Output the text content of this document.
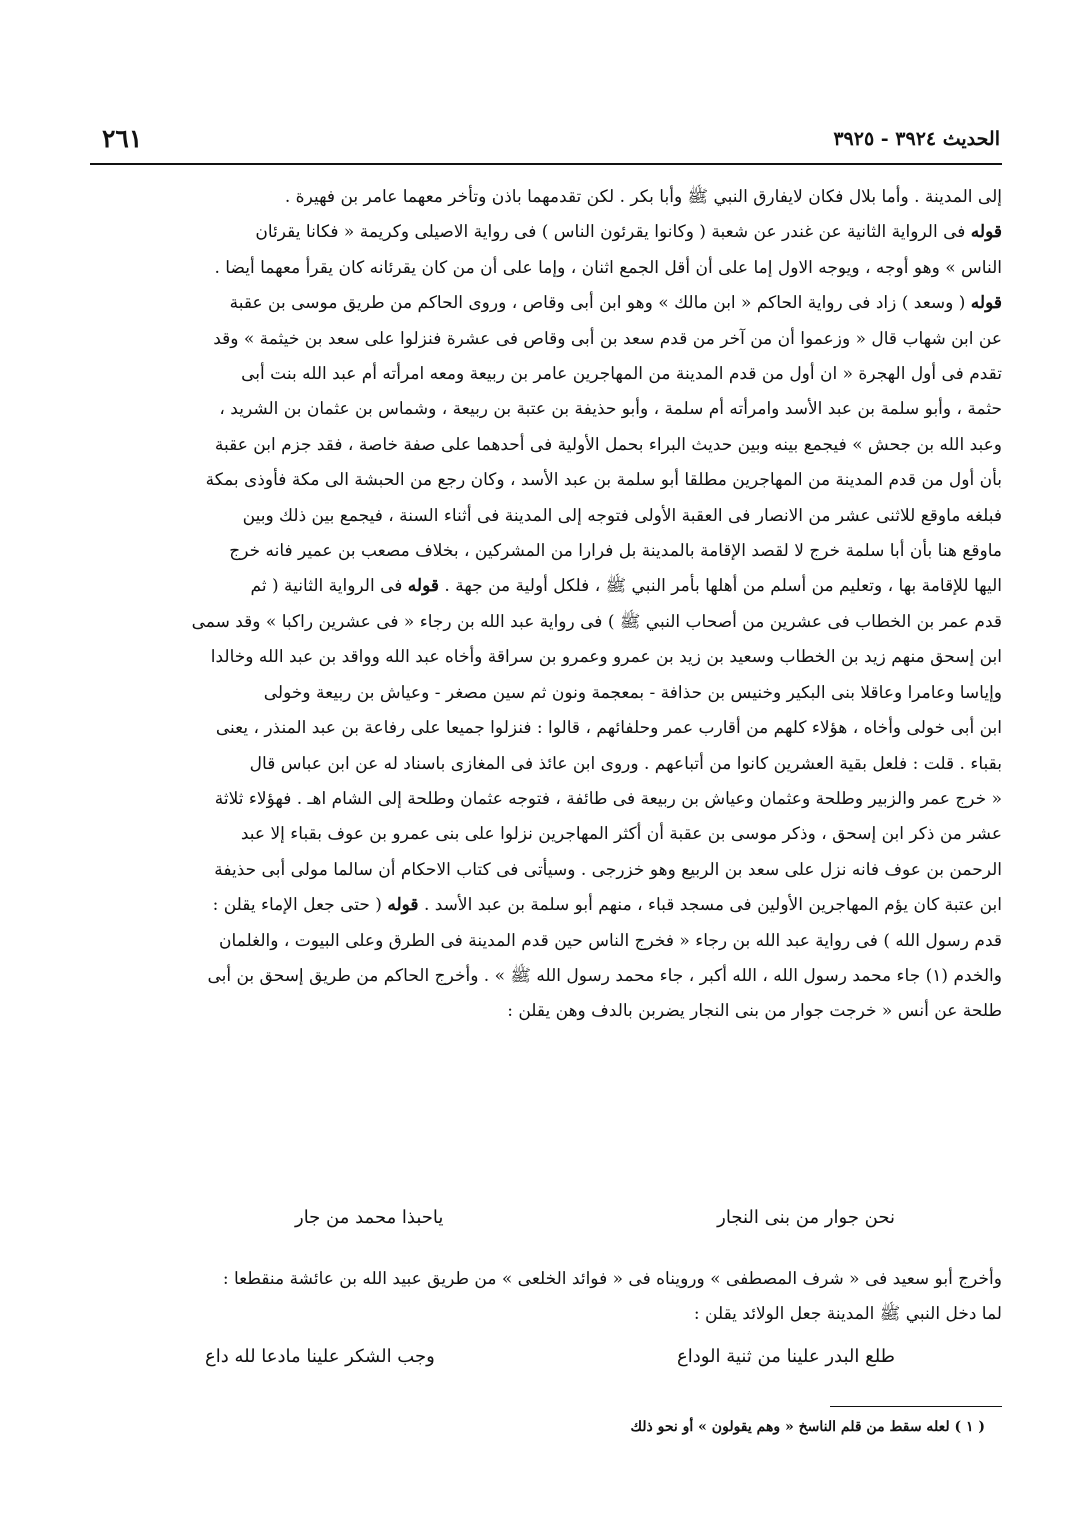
الحديث ٣٩٢٤ - ٣٩٢٥
٢٦١

إلى المدينة . وأما بلال فكان لايفارق النبي ﷺ وأبا بكر . لكن تقدمهما باذن وتأخر معهما عامر بن فهيرة .

قوله فى الرواية الثانية عن غندر عن شعبة ( وكانوا يقرئون الناس ) فى رواية الاصيلى وكريمة « فكانا يقرئان

الناس » وهو أوجه ، ويوجه الاول إما على أن أقل الجمع اثنان ، وإما على أن من كان يقرئانه كان يقرأ معهما أيضا .

قوله ( وسعد ) زاد فى رواية الحاكم « ابن مالك » وهو ابن أبى وقاص ، وروى الحاكم من طريق موسى بن عقبة

عن ابن شهاب قال « وزعموا أن من آخر من قدم سعد بن أبى وقاص فى عشرة فنزلوا على سعد بن خيثمة » وقد

تقدم فى أول الهجرة « ان أول من قدم المدينة من المهاجرين عامر بن ربيعة ومعه امرأته أم عبد الله بنت أبى

حثمة ، وأبو سلمة بن عبد الأسد وامرأته أم سلمة ، وأبو حذيفة بن عتبة بن ربيعة ، وشماس بن عثمان بن الشريد ،

وعبد الله بن جحش » فيجمع بينه وبين حديث البراء بحمل الأولية فى أحدهما على صفة خاصة ، فقد جزم ابن عقبة

بأن أول من قدم المدينة من المهاجرين مطلقا أبو سلمة بن عبد الأسد ، وكان رجع من الحبشة الى مكة فأوذى بمكة

فبلغه ماوقع للاثنى عشر من الانصار فى العقبة الأولى فتوجه إلى المدينة فى أثناء السنة ، فيجمع بين ذلك وبين

ماوقع هنا بأن أبا سلمة خرج لا لقصد الإقامة بالمدينة بل فرارا من المشركين ، بخلاف مصعب بن عمير فانه خرج

اليها للإقامة بها ، وتعليم من أسلم من أهلها بأمر النبي ﷺ ، فلكل أولية من جهة . قوله فى الرواية الثانية ( ثم

قدم عمر بن الخطاب فى عشرين من أصحاب النبي ﷺ ) فى رواية عبد الله بن رجاء « فى عشرين راكبا » وقد سمى

ابن إسحق منهم زيد بن الخطاب وسعيد بن زيد بن عمرو وعمرو بن سراقة وأخاه عبد الله وواقد بن عبد الله وخالدا

وإياسا وعامرا وعاقلا بنى البكير وخنيس بن حذافة - بمعجمة ونون ثم سين مصغر - وعياش بن ربيعة وخولى

ابن أبى خولى وأخاه ، هؤلاء كلهم من أقارب عمر وحلفائهم ، قالوا : فنزلوا جميعا على رفاعة بن عبد المنذر ، يعنى

بقباء . قلت : فلعل بقية العشرين كانوا من أتباعهم . وروى ابن عائذ فى المغازى باسناد له عن ابن عباس قال

« خرج عمر والزبير وطلحة وعثمان وعياش بن ربيعة فى طائفة ، فتوجه عثمان وطلحة إلى الشام اهـ . فهؤلاء ثلاثة

عشر من ذكر ابن إسحق ، وذكر موسى بن عقبة أن أكثر المهاجرين نزلوا على بنى عمرو بن عوف بقباء إلا عبد

الرحمن بن عوف فانه نزل على سعد بن الربيع وهو خزرجى . وسيأتى فى كتاب الاحكام أن سالما مولى أبى حذيفة

ابن عتبة كان يؤم المهاجرين الأولين فى مسجد قباء ، منهم أبو سلمة بن عبد الأسد . قوله ( حتى جعل الإماء يقلن :

قدم رسول الله ) فى رواية عبد الله بن رجاء « فخرج الناس حين قدم المدينة فى الطرق وعلى البيوت ، والغلمان

والخدم (١) جاء محمد رسول الله ، الله أكبر ، جاء محمد رسول الله ﷺ » . وأخرج الحاكم من طريق إسحق بن أبى

طلحة عن أنس « خرجت جوار من بنى النجار يضربن بالدف وهن يقلن :

نحن جوار من بنى النجار
ياحبذا محمد من جار

وأخرج أبو سعيد فى « شرف المصطفى » ورويناه فى « فوائد الخلعى » من طريق عبيد الله بن عائشة منقطعا :

لما دخل النبي ﷺ المدينة جعل الولائد يقلن :

طلع البدر علينا من ثنية الوداع
وجب الشكر علينا مادعا لله داع
( ١ ) لعله سقط من قلم الناسخ « وهم يقولون » أو نحو ذلك
